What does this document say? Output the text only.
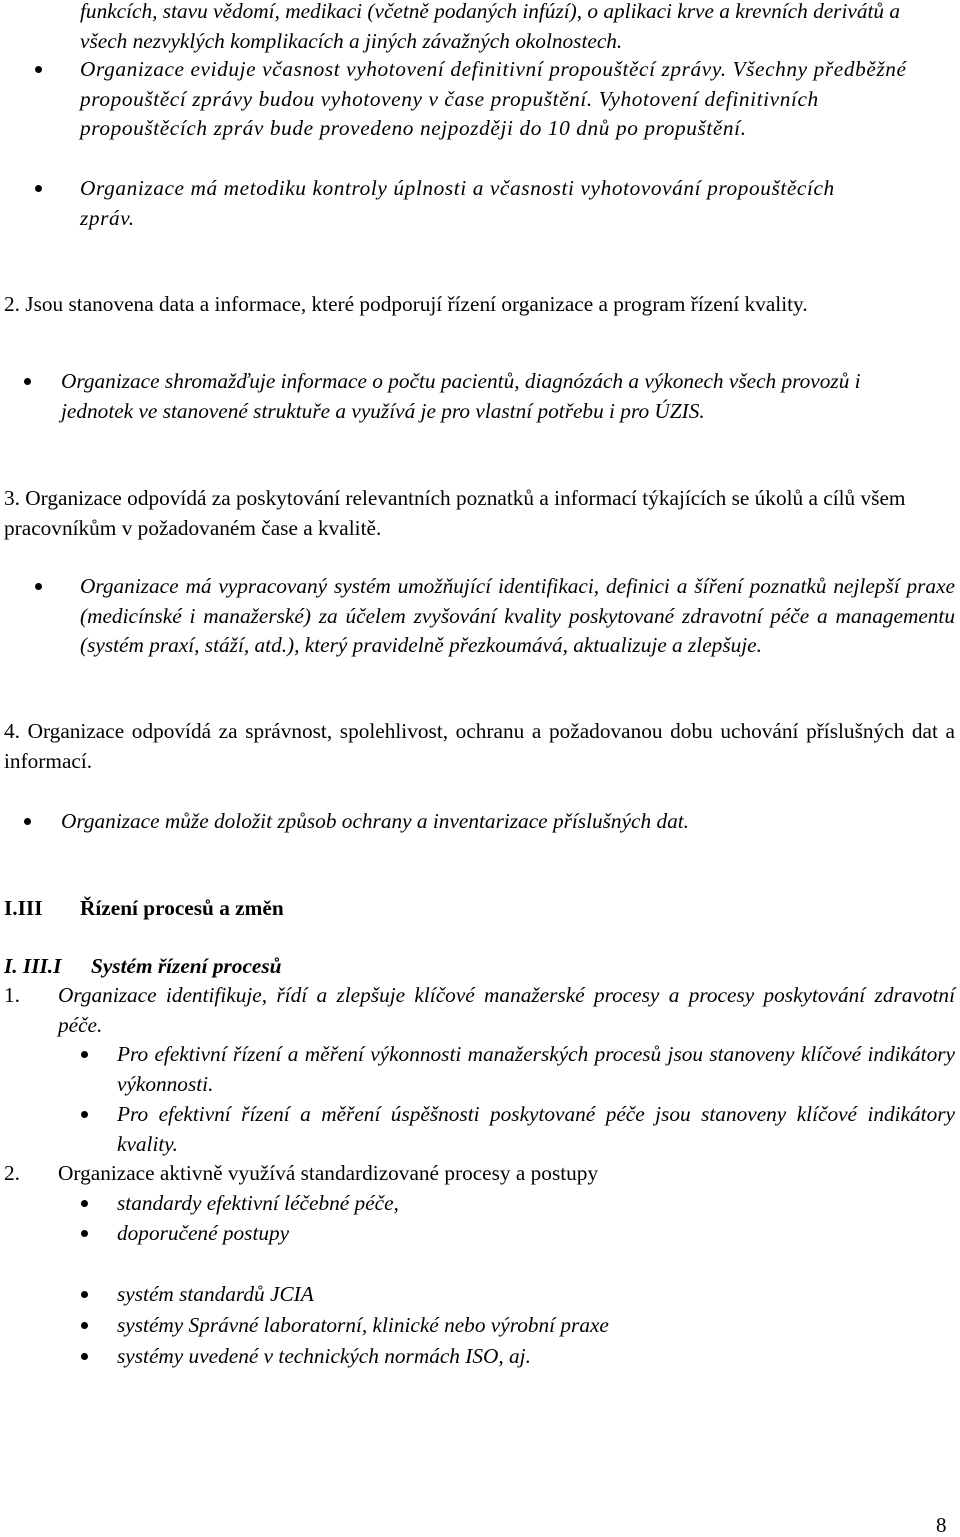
funkcích, stavu vědomí, medikaci (včetně podaných infúzí), o aplikaci krve a krevních derivátů a všech nezvyklých komplikacích a jiných závažných okolnostech.

Organizace eviduje včasnost vyhotovení definitivní propouštěcí zprávy. Všechny předběžné propouštěcí zprávy budou vyhotoveny v čase propuštění. Vyhotovení definitivních propouštěcích zpráv bude provedeno nejpozději do 10 dnů po propuštění.

Organizace má metodiku kontroly úplnosti a včasnosti vyhotovování propouštěcích zpráv.

2. Jsou stanovena data a informace, které podporují řízení organizace a program řízení kvality.

Organizace shromažďuje informace o počtu pacientů, diagnózách a výkonech všech provozů i jednotek ve stanovené struktuře a využívá je pro vlastní potřebu i pro ÚZIS.

3. Organizace odpovídá za poskytování relevantních poznatků a informací týkajících se úkolů a cílů všem pracovníkům v požadovaném čase a kvalitě.

Organizace má vypracovaný systém umožňující identifikaci, definici a šíření poznatků nejlepší praxe (medicínské i manažerské) za účelem zvyšování kvality poskytované zdravotní péče a managementu (systém praxí, stáží, atd.), který pravidelně přezkoumává, aktualizuje a zlepšuje.

4. Organizace odpovídá za správnost, spolehlivost, ochranu a požadovanou dobu uchování příslušných dat a informací.

Organizace může doložit způsob ochrany a inventarizace příslušných dat.

I.III Řízení procesů a změn

I. III.I Systém řízení procesů

1. Organizace identifikuje, řídí a zlepšuje klíčové manažerské procesy a procesy poskytování zdravotní péče.

Pro efektivní řízení a měření výkonnosti manažerských procesů jsou stanoveny klíčové indikátory výkonnosti.

Pro efektivní řízení a měření úspěšnosti poskytované péče jsou stanoveny klíčové indikátory kvality.

2. Organizace aktivně využívá standardizované procesy a postupy

standardy efektivní léčebné péče,

doporučené postupy

systém standardů JCIA

systémy Správné laboratorní, klinické nebo výrobní praxe

systémy uvedené v technických normách ISO, aj.

8
